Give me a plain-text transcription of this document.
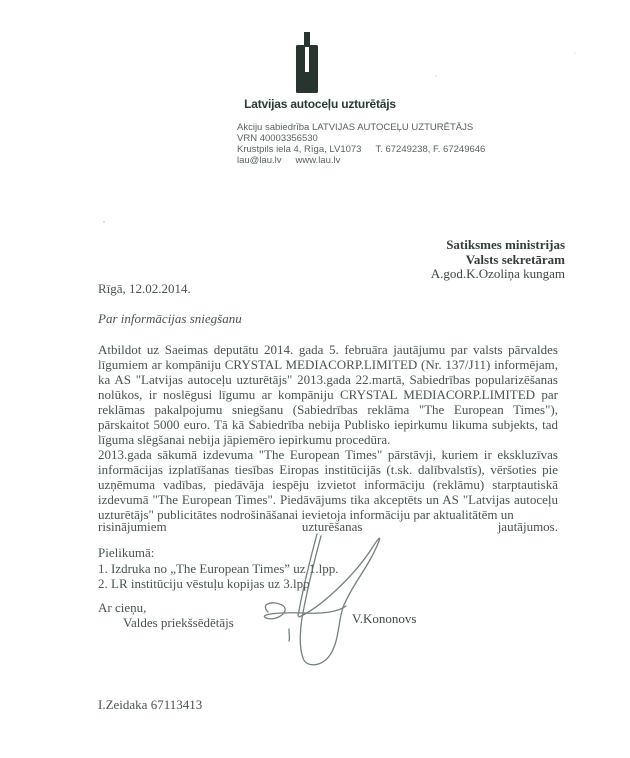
Latvijas autoceļu uzturētājs
Akciju sabiedrība LATVIJAS AUTOCEĻU UZTURĒTĀJS
VRN 40003356530
Krustpils iela 4, Rīga, LV1073 T. 67249238, F. 67249646
lau@lau.lv www.lau.lv
Satiksmes ministrijas
Valsts sekretāram
A.god.K.Ozoliņa kungam
Rīgā, 12.02.2014.
Par informācijas sniegšanu
Atbildot uz Saeimas deputātu 2014. gada 5. februāra jautājumu par valsts pārvaldes līgumiem ar kompāniju CRYSTAL MEDIACORP.LIMITED (Nr. 137/J11) informējam, ka AS "Latvijas autoceļu uzturētājs" 2013.gada 22.martā, Sabiedrības popularizēšanas nolūkos, ir noslēgusi līgumu ar kompāniju CRYSTAL MEDIACORP.LIMITED par reklāmas pakalpojumu sniegšanu (Sabiedrības reklāma "The European Times"), pārskaitot 5000 euro. Tā kā Sabiedrība nebija Publisko iepirkumu likuma subjekts, tad līguma slēgšanai nebija jāpiemēro iepirkumu procedūra.
2013.gada sākumā izdevuma "The European Times" pārstāvji, kuriem ir ekskluzīvas informācijas izplatīšanas tiesības Eiropas institūcijās (t.sk. dalībvalstīs), vēršoties pie uzņēmuma vadības, piedāvāja iespēju izvietot informāciju (reklāmu) starptautiskā izdevumā "The European Times". Piedāvājums tika akceptēts un AS "Latvijas autoceļu uzturētājs" publicitātes nodrošināšanai ievietoja informāciju par aktualitātēm un
risinājumiem	uzturēšanas	jautājumos.
Pielikumā:
1. Izdruka no „The European Times” uz 1.lpp.
2. LR institūciju vēstuļu kopijas uz 3.lpp
Ar cieņu,
Valdes priekšsēdētājs	V.Kononovs
I.Zeidaka 67113413
